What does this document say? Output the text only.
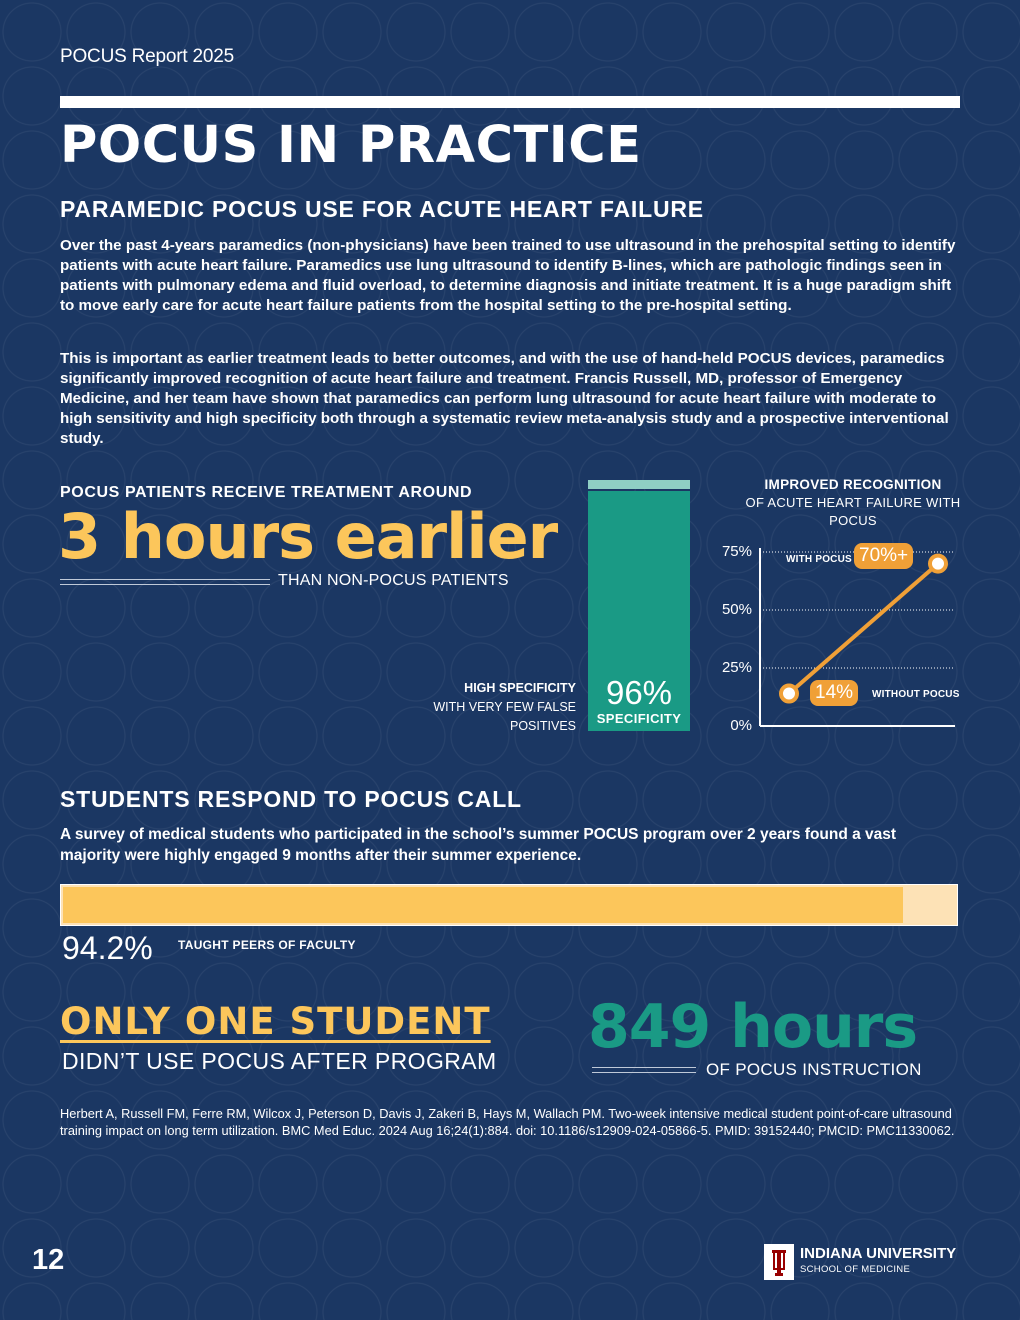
POCUS Report 2025
POCUS IN PRACTICE
PARAMEDIC POCUS USE FOR ACUTE HEART FAILURE
Over the past 4-years paramedics (non-physicians) have been trained to use ultrasound in the prehospital setting to identify patients with acute heart failure. Paramedics use lung ultrasound to identify B-lines, which are pathologic findings seen in patients with pulmonary edema and fluid overload, to determine diagnosis and initiate treatment. It is a huge paradigm shift to move early care for acute heart failure patients from the hospital setting to the pre-hospital setting.
This is important as earlier treatment leads to better outcomes, and with the use of hand-held POCUS devices, paramedics significantly improved recognition of acute heart failure and treatment. Francis Russell, MD, professor of Emergency Medicine, and her team have shown that paramedics can perform lung ultrasound for acute heart failure with moderate to high sensitivity and high specificity both through a systematic review meta-analysis study and a prospective interventional study.
POCUS PATIENTS RECEIVE TREATMENT AROUND
3 hours earlier
THAN NON-POCUS PATIENTS
HIGH SPECIFICITY
WITH VERY FEW FALSE POSITIVES
96%
SPECIFICITY
IMPROVED RECOGNITION
OF ACUTE HEART FAILURE WITH POCUS
0%
25%
50%
75%	WITH POCUS 70%+
14%	WITHOUT POCUS
STUDENTS RESPOND TO POCUS CALL
A survey of medical students who participated in the school’s summer POCUS program over 2 years found a vast majority were highly engaged 9 months after their summer experience.
94.2% TAUGHT PEERS OF FACULTY
ONLY ONE STUDENT
DIDN’T USE POCUS AFTER PROGRAM 849 hours
OF POCUS INSTRUCTION
Herbert A, Russell FM, Ferre RM, Wilcox J, Peterson D, Davis J, Zakeri B, Hays M, Wallach PM. Two-week intensive medical student point-of-care ultrasound training impact on long term utilization. BMC Med Educ. 2024 Aug 16;24(1):884. doi: 10.1186/s12909-024-05866-5. PMID: 39152440; PMCID: PMC11330062.
12	INDIANA UNIVERSITY
SCHOOL OF MEDICINE
